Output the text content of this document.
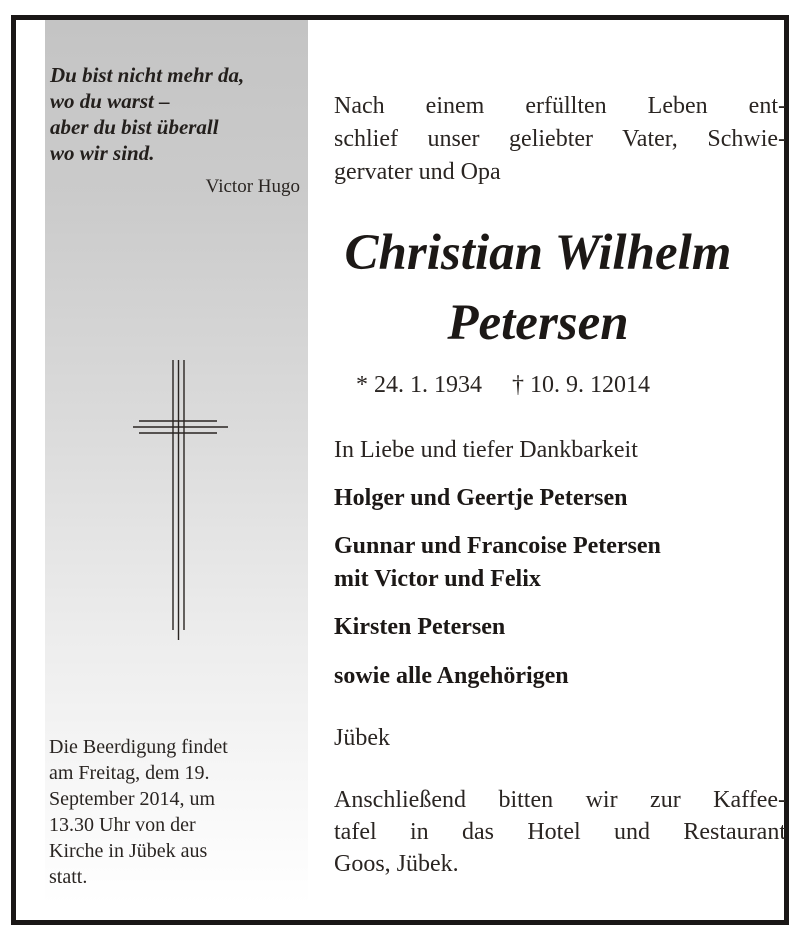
Du bist nicht mehr da,
wo du warst –
aber du bist überall
wo wir sind.
Victor Hugo
Die Beerdigung findet
am Freitag, dem 19.
September 2014, um
13.30 Uhr von der
Kirche in Jübek aus
statt.
Nach einem erfüllten Leben ent-
schlief unser geliebter Vater, Schwie-
gervater und Opa
Christian Wilhelm
Petersen
* 24. 1. 1934 † 10. 9. 12014
In Liebe und tiefer Dankbarkeit
Holger und Geertje Petersen
Gunnar und Francoise Petersen
mit Victor und Felix
Kirsten Petersen
sowie alle Angehörigen
Jübek
Anschließend bitten wir zur Kaffee-
tafel in das Hotel und Restaurant
Goos, Jübek.
